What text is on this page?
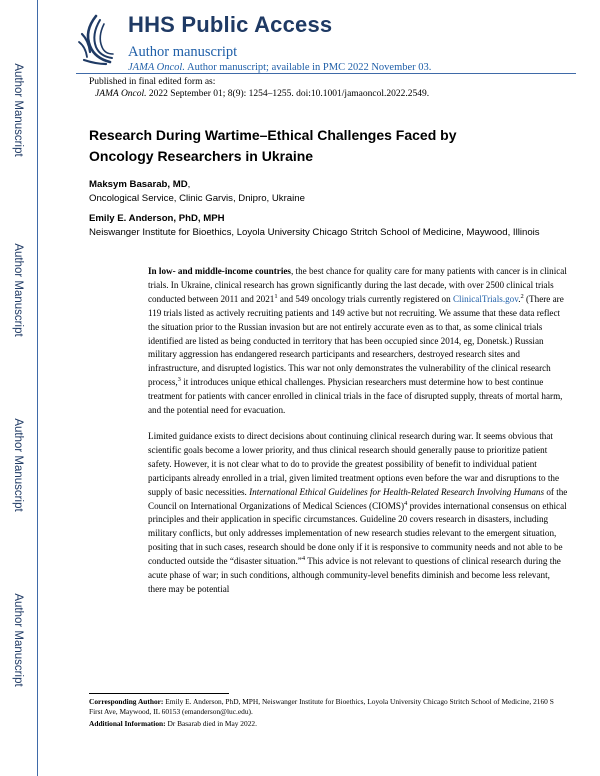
Author Manuscript
Author Manuscript
Author Manuscript
Author Manuscript
HHS Public Access
Author manuscript
JAMA Oncol. Author manuscript; available in PMC 2022 November 03.
Published in final edited form as:
JAMA Oncol. 2022 September 01; 8(9): 1254–1255. doi:10.1001/jamaoncol.2022.2549.
Research During Wartime–Ethical Challenges Faced by
Oncology Researchers in Ukraine
Maksym Basarab, MD,
Oncological Service, Clinic Garvis, Dnipro, Ukraine
Emily E. Anderson, PhD, MPH
Neiswanger Institute for Bioethics, Loyola University Chicago Stritch School of Medicine, Maywood, Illinois

In low- and middle-income countries, the best chance for quality care for many patients with cancer is in clinical trials. In Ukraine, clinical research has grown significantly during the last decade, with over 2500 clinical trials conducted between 2011 and 2021$^1$ and 549 oncology trials currently registered on ClinicalTrials.gov.$^2$ (There are 119 trials listed as actively recruiting patients and 149 active but not recruiting. We assume that these data reflect the situation prior to the Russian invasion but are not entirely accurate even as to that, as some clinical trials identified are listed as being conducted in territory that has been occupied since 2014, eg, Donetsk.) Russian military aggression has endangered research participants and researchers, destroyed research sites and infrastructure, and disrupted logistics. This war not only demonstrates the vulnerability of the clinical research process,$^3$ it introduces unique ethical challenges. Physician researchers must determine how to best continue treatment for patients with cancer enrolled in clinical trials in the face of disrupted supply, threats of mortal harm, and the potential need for evacuation.

Limited guidance exists to direct decisions about continuing clinical research during war. It seems obvious that scientific goals become a lower priority, and thus clinical research should generally pause to prioritize patient safety. However, it is not clear what to do to provide the greatest possibility of benefit to individual patient participants already enrolled in a trial, given limited treatment options even before the war and disruptions to the supply of basic necessities. International Ethical Guidelines for Health-Related Research Involving Humans of the Council on International Organizations of Medical Sciences (CIOMS)$^4$ provides international consensus on ethical principles and their application in specific circumstances. Guideline 20 covers research in disasters, including military conflicts, but only addresses implementation of new research studies relevant to the emergent situation, positing that in such cases, research should be done only if it is responsive to community needs and not able to be conducted outside the “disaster situation.”$^4$ This advice is not relevant to questions of clinical research during the acute phase of war; in such conditions, although community-level benefits diminish and become less relevant, there may be potential

Corresponding Author: Emily E. Anderson, PhD, MPH, Neiswanger Institute for Bioethics, Loyola University Chicago Stritch School of Medicine, 2160 S First Ave, Maywood, IL 60153 (emanderson@luc.edu).
Additional Information: Dr Basarab died in May 2022.
